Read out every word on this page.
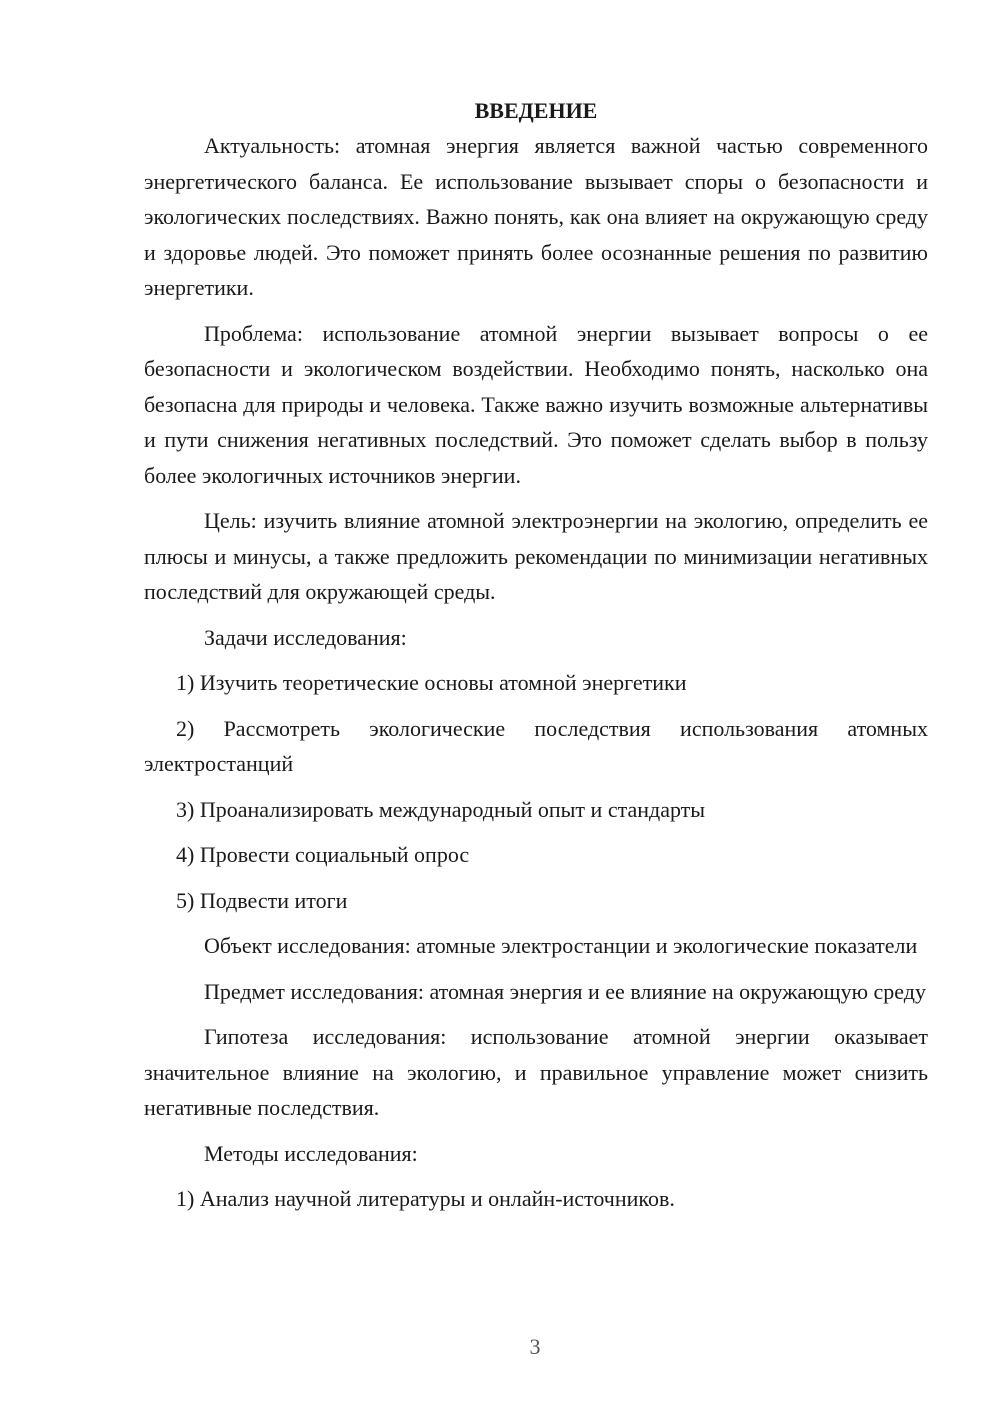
ВВЕДЕНИЕ

Актуальность: атомная энергия является важной частью современного энергетического баланса. Ее использование вызывает споры о безопасности и экологических последствиях. Важно понять, как она влияет на окружающую среду и здоровье людей. Это поможет принять более осознанные решения по развитию энергетики.

Проблема: использование атомной энергии вызывает вопросы о ее безопасности и экологическом воздействии. Необходимо понять, насколько она безопасна для природы и человека. Также важно изучить возможные альтернативы и пути снижения негативных последствий. Это поможет сделать выбор в пользу более экологичных источников энергии.

Цель: изучить влияние атомной электроэнергии на экологию, определить ее плюсы и минусы, а также предложить рекомендации по минимизации негативных последствий для окружающей среды.

Задачи исследования:

1) Изучить теоретические основы атомной энергетики

2) Рассмотреть экологические последствия использования атомных электростанций

3) Проанализировать международный опыт и стандарты

4) Провести социальный опрос

5) Подвести итоги

Объект исследования: атомные электростанции и экологические показатели

Предмет исследования: атомная энергия и ее влияние на окружающую среду

Гипотеза исследования: использование атомной энергии оказывает значительное влияние на экологию, и правильное управление может снизить негативные последствия.

Методы исследования:

1) Анализ научной литературы и онлайн-источников.

3
